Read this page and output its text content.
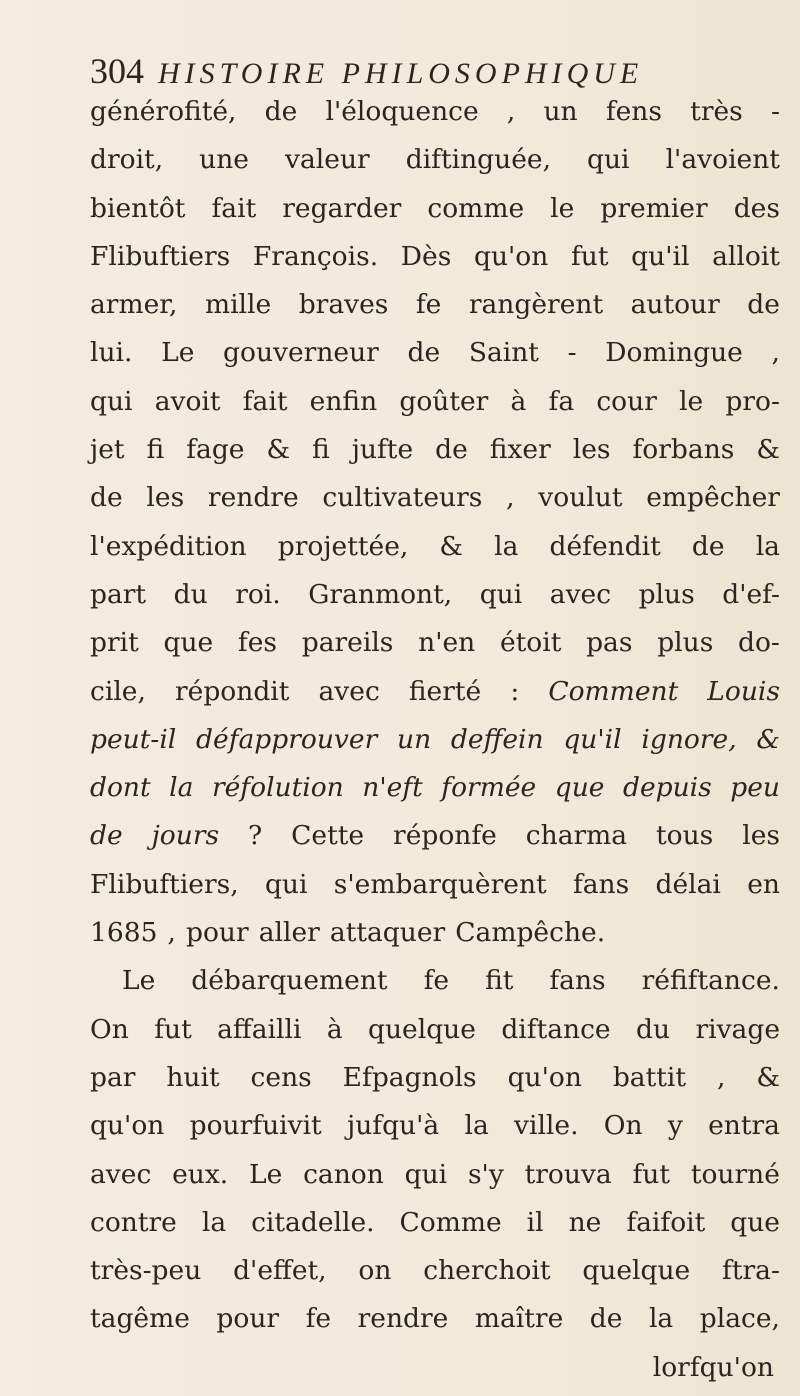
304 HISTOIRE PHILOSOPHIQUE
générofité, de l'éloquence , un fens très -
droit, une valeur diftinguée, qui l'avoient
bientôt fait regarder comme le premier des
Flibuftiers François. Dès qu'on fut qu'il alloit
armer, mille braves fe rangèrent autour de
lui. Le gouverneur de Saint - Domingue ,
qui avoit fait enfin goûter à fa cour le pro-
jet fi fage & fi jufte de fixer les forbans &
de les rendre cultivateurs , voulut empêcher
l'expédition projettée, & la défendit de la
part du roi. Granmont, qui avec plus d'ef-
prit que fes pareils n'en étoit pas plus do-
cile, répondit avec fierté : Comment Louis
peut-il défapprouver un deffein qu'il ignore, &
dont la réfolution n'eft formée que depuis peu
de jours ? Cette réponfe charma tous les
Flibuftiers, qui s'embarquèrent fans délai en
1685 , pour aller attaquer Campêche.
Le débarquement fe fit fans réfiftance.
On fut affailli à quelque diftance du rivage
par huit cens Efpagnols qu'on battit , &
qu'on pourfuivit jufqu'à la ville. On y entra
avec eux. Le canon qui s'y trouva fut tourné
contre la citadelle. Comme il ne faifoit que
très-peu d'effet, on cherchoit quelque ftra-
tagême pour fe rendre maître de la place,
lorfqu'on
